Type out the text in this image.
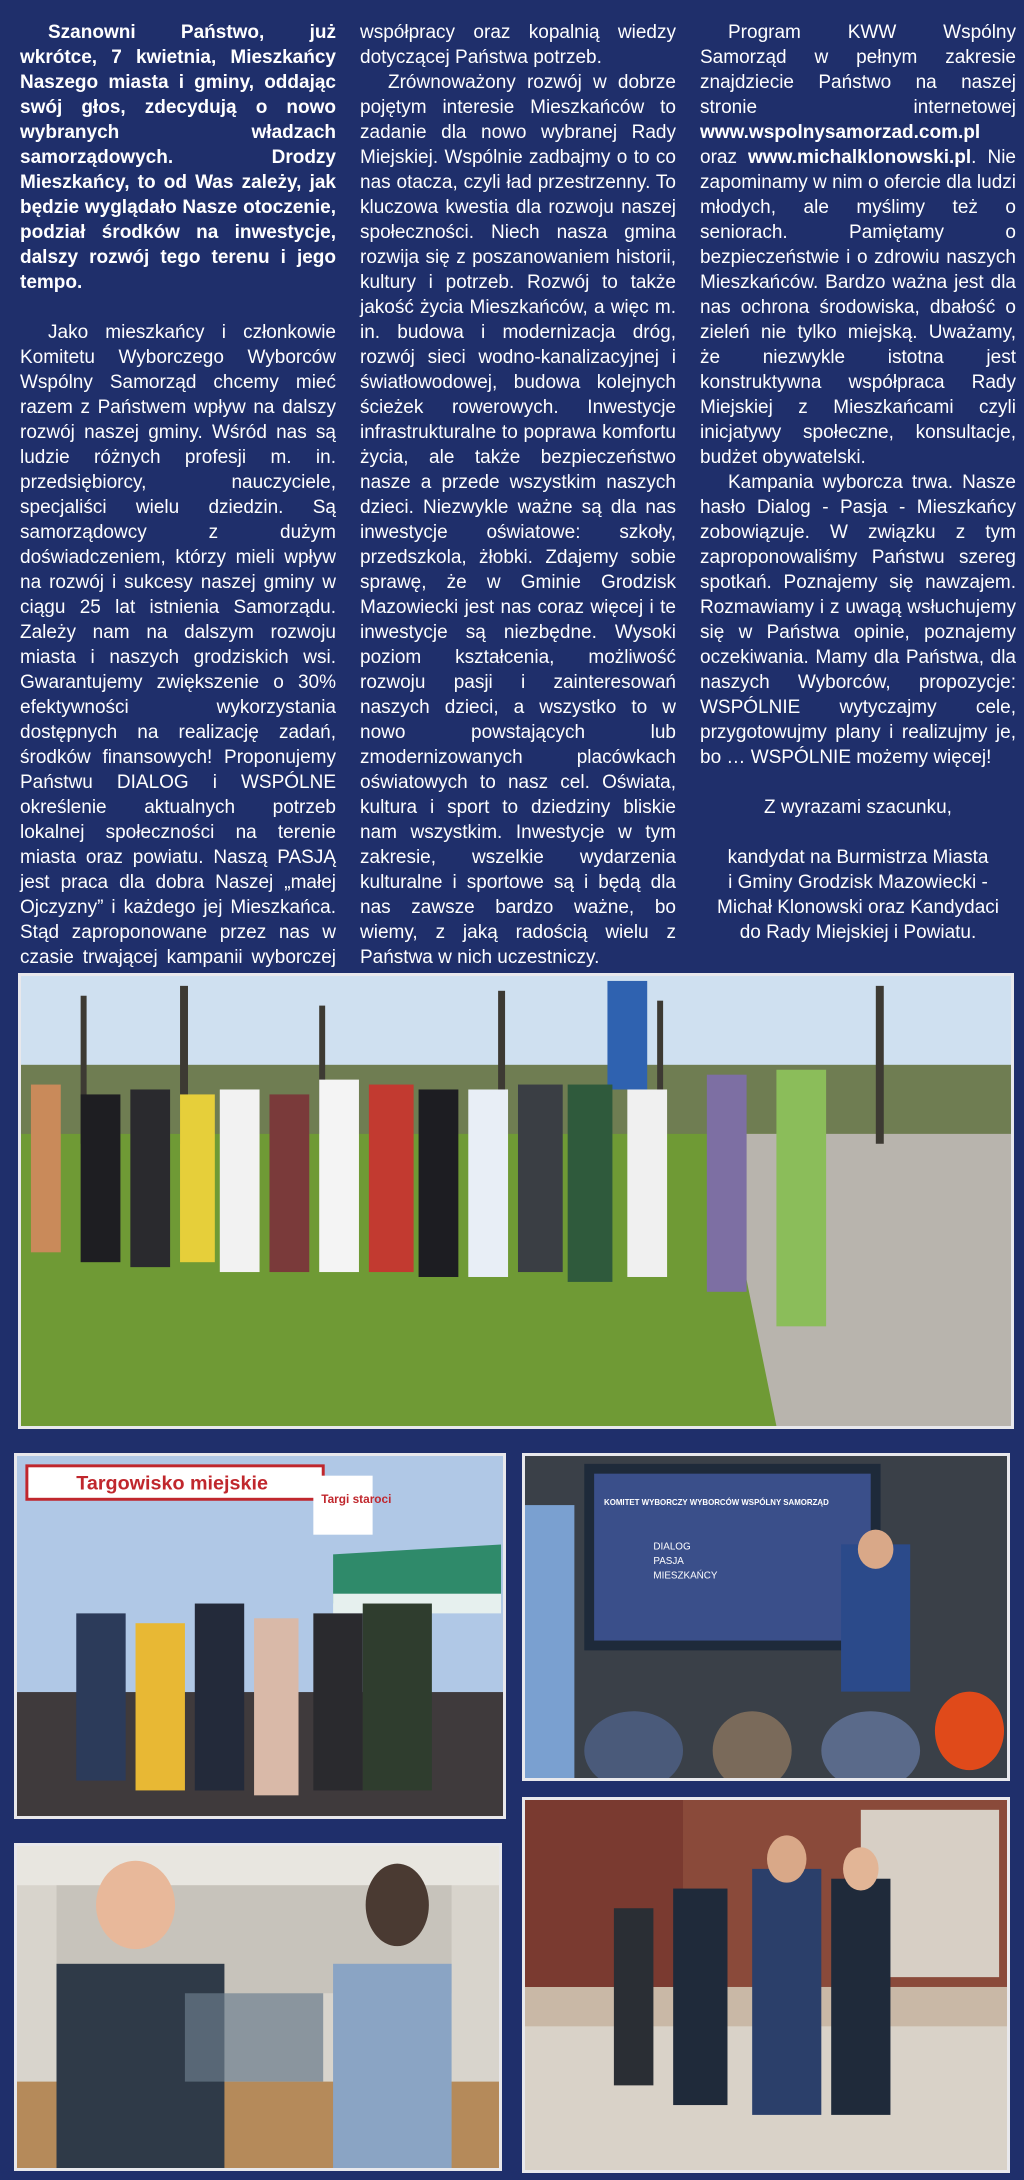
Szanowni Państwo, już wkrótce, 7 kwietnia, Mieszkańcy Naszego miasta i gminy, oddając swój głos, zdecydują o nowo wybranych władzach samorządowych. Drodzy Mieszkańcy, to od Was zależy, jak będzie wyglądało Nasze otoczenie, podział środków na inwestycje, dalszy rozwój tego terenu i jego tempo.

Jako mieszkańcy i członkowie Komitetu Wyborczego Wyborców Wspólny Samorząd chcemy mieć razem z Państwem wpływ na dalszy rozwój naszej gminy. Wśród nas są ludzie różnych profesji m. in. przedsiębiorcy, nauczyciele, specjaliści wielu dziedzin. Są samorządowcy z dużym doświadczeniem, którzy mieli wpływ na rozwój i sukcesy naszej gminy w ciągu 25 lat istnienia Samorządu. Zależy nam na dalszym rozwoju miasta i naszych grodziskich wsi. Gwarantujemy zwiększenie o 30% efektywności wykorzystania dostępnych na realizację zadań, środków finansowych! Proponujemy Państwu DIALOG i WSPÓLNE określenie aktualnych potrzeb lokalnej społeczności na terenie miasta oraz powiatu. Naszą PASJĄ jest praca dla dobra Naszej „małej Ojczyzny” i każdego jej Mieszkańca. Stąd zaproponowane przez nas w czasie trwającej kampanii wyborczej

współpracy oraz kopalnią wiedzy dotyczącej Państwa potrzeb.

Zrównoważony rozwój w dobrze pojętym interesie Mieszkańców to zadanie dla nowo wybranej Rady Miejskiej. Wspólnie zadbajmy o to co nas otacza, czyli ład przestrzenny. To kluczowa kwestia dla rozwoju naszej społeczności. Niech nasza gmina rozwija się z poszanowaniem historii, kultury i potrzeb. Rozwój to także jakość życia Mieszkańców, a więc m. in. budowa i modernizacja dróg, rozwój sieci wodno-kanalizacyjnej i światłowodowej, budowa kolejnych ścieżek rowerowych. Inwestycje infrastrukturalne to poprawa komfortu życia, ale także bezpieczeństwo nasze a przede wszystkim naszych dzieci. Niezwykle ważne są dla nas inwestycje oświatowe: szkoły, przedszkola, żłobki. Zdajemy sobie sprawę, że w Gminie Grodzisk Mazowiecki jest nas coraz więcej i te inwestycje są niezbędne. Wysoki poziom kształcenia, możliwość rozwoju pasji i zainteresowań naszych dzieci, a wszystko to w nowo powstających lub zmodernizowanych placówkach oświatowych to nasz cel. Oświata, kultura i sport to dziedziny bliskie nam wszystkim. Inwestycje w tym zakresie, wszelkie wydarzenia kulturalne i sportowe są i będą dla nas zawsze bardzo ważne, bo wiemy, z jaką radością wielu z Państwa w nich uczestniczy.

Program KWW Wspólny Samorząd w pełnym zakresie znajdziecie Państwo na naszej stronie internetowej www.wspolnysamorzad.com.pl oraz www.michalklonowski.pl. Nie zapominamy w nim o ofercie dla ludzi młodych, ale myślimy też o seniorach. Pamiętamy o bezpieczeństwie i o zdrowiu naszych Mieszkańców. Bardzo ważna jest dla nas ochrona środowiska, dbałość o zieleń nie tylko miejską. Uważamy, że niezwykle istotna jest konstruktywna współpraca Rady Miejskiej z Mieszkańcami czyli inicjatywy społeczne, konsultacje, budżet obywatelski.

Kampania wyborcza trwa. Nasze hasło Dialog - Pasja - Mieszkańcy zobowiązuje. W związku z tym zaproponowaliśmy Państwu szereg spotkań. Poznajemy się nawzajem. Rozmawiamy i z uwagą wsłuchujemy się w Państwa opinie, poznajemy oczekiwania. Mamy dla Państwa, dla naszych Wyborców, propozycje: WSPÓLNIE wytyczajmy cele, przygotowujmy plany i realizujmy je, bo … WSPÓLNIE możemy więcej!

Z wyrazami szacunku,

kandydat na Burmistrza Miasta

i Gminy Grodzisk Mazowiecki -

Michał Klonowski oraz Kandydaci

do Rady Miejskiej i Powiatu.

Targowisko miejskie
Targi staroci	KOMITET WYBORCZY WYBORCÓW WSPÓLNY SAMORZĄD
DIALOG
PASJA
MIESZKAŃCY
